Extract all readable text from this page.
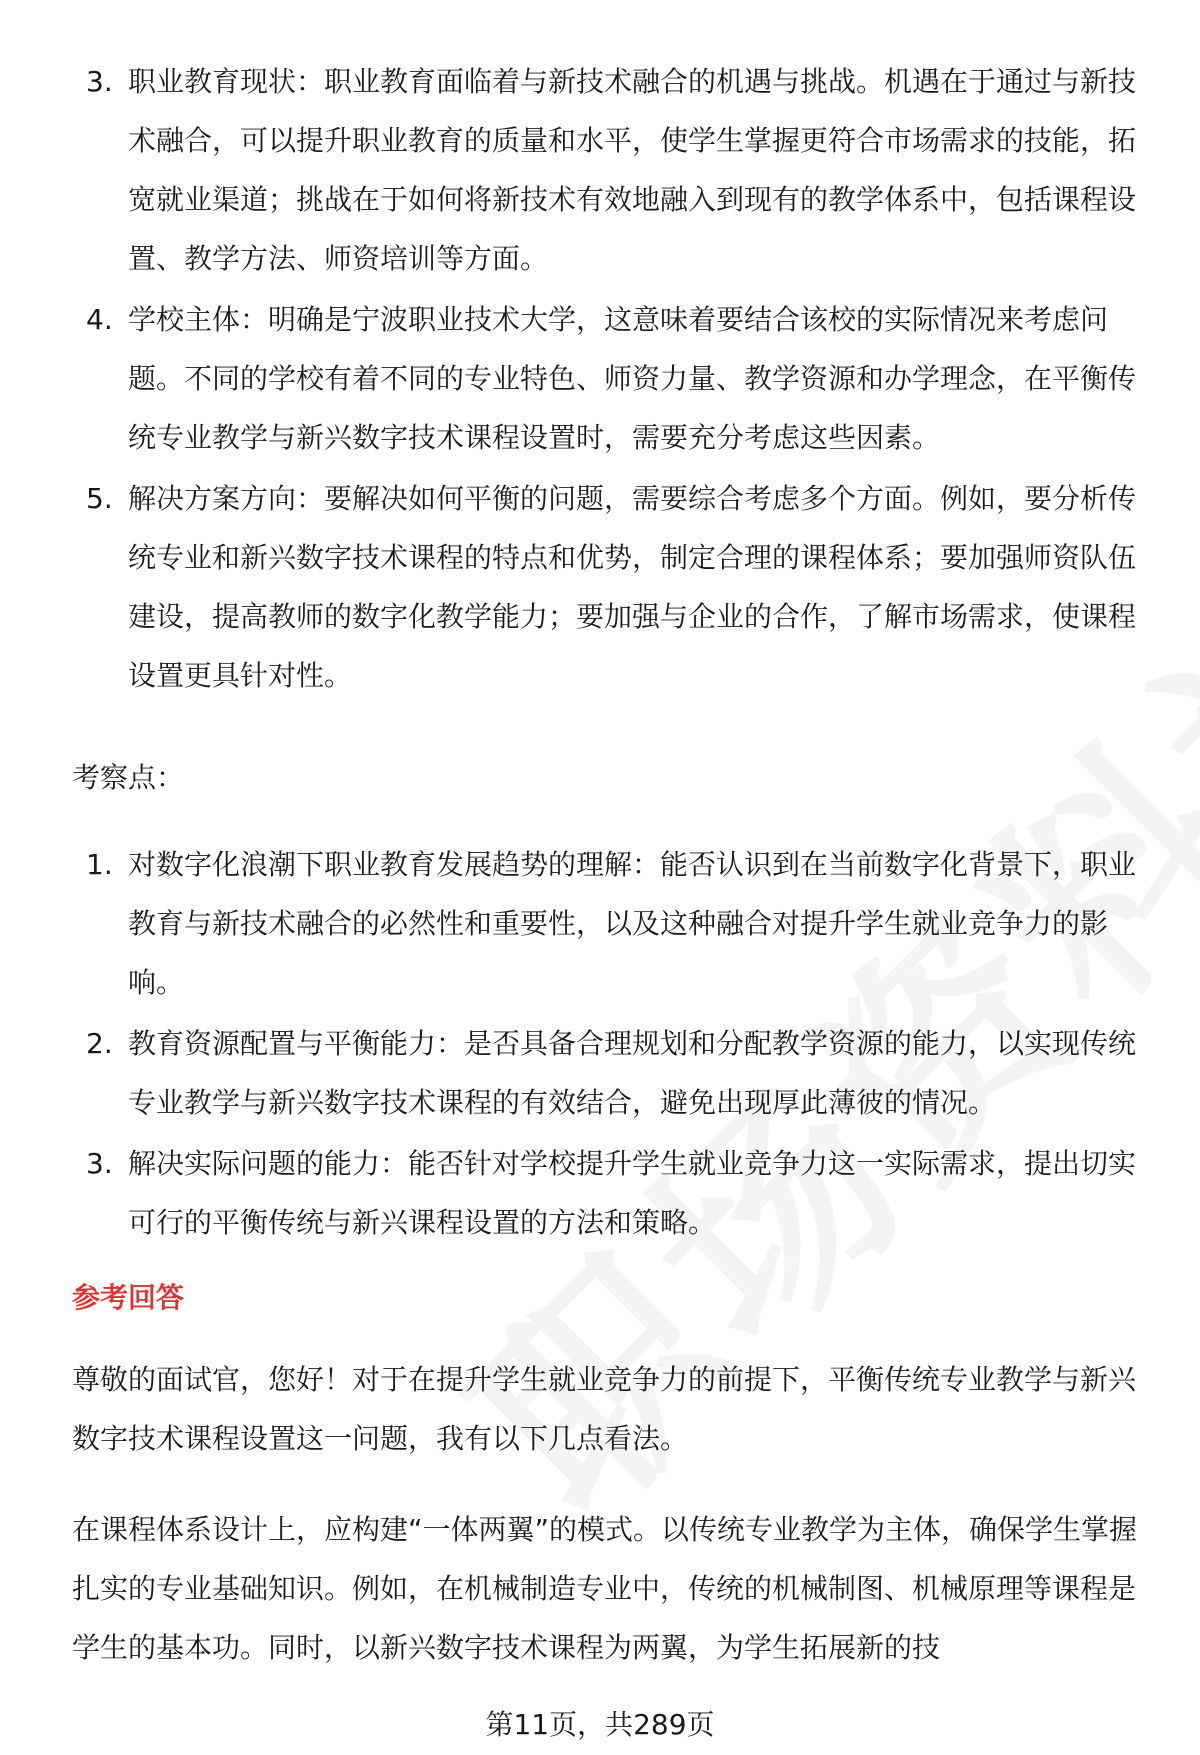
3. 职业教育现状：职业教育面临着与新技术融合的机遇与挑战。机遇在于通过与新技术融合，可以提升职业教育的质量和水平，使学生掌握更符合市场需求的技能，拓宽就业渠道；挑战在于如何将新技术有效地融入到现有的教学体系中，包括课程设置、教学方法、师资培训等方面。
4. 学校主体：明确是宁波职业技术大学，这意味着要结合该校的实际情况来考虑问题。不同的学校有着不同的专业特色、师资力量、教学资源和办学理念，在平衡传统专业教学与新兴数字技术课程设置时，需要充分考虑这些因素。
5. 解决方案方向：要解决如何平衡的问题，需要综合考虑多个方面。例如，要分析传统专业和新兴数字技术课程的特点和优势，制定合理的课程体系；要加强师资队伍建设，提高教师的数字化教学能力；要加强与企业的合作，了解市场需求，使课程设置更具针对性。
考察点：
1. 对数字化浪潮下职业教育发展趋势的理解：能否认识到在当前数字化背景下，职业教育与新技术融合的必然性和重要性，以及这种融合对提升学生就业竞争力的影响。
2. 教育资源配置与平衡能力：是否具备合理规划和分配教学资源的能力，以实现传统专业教学与新兴数字技术课程的有效结合，避免出现厚此薄彼的情况。
3. 解决实际问题的能力：能否针对学校提升学生就业竞争力这一实际需求，提出切实可行的平衡传统与新兴课程设置的方法和策略。
参考回答

尊敬的面试官，您好！对于在提升学生就业竞争力的前提下，平衡传统专业教学与新兴数字技术课程设置这一问题，我有以下几点看法。

在课程体系设计上，应构建“一体两翼”的模式。以传统专业教学为主体，确保学生掌握扎实的专业基础知识。例如，在机械制造专业中，传统的机械制图、机械原理等课程是学生的基本功。同时，以新兴数字技术课程为两翼，为学生拓展新的技

第11页，共289页
